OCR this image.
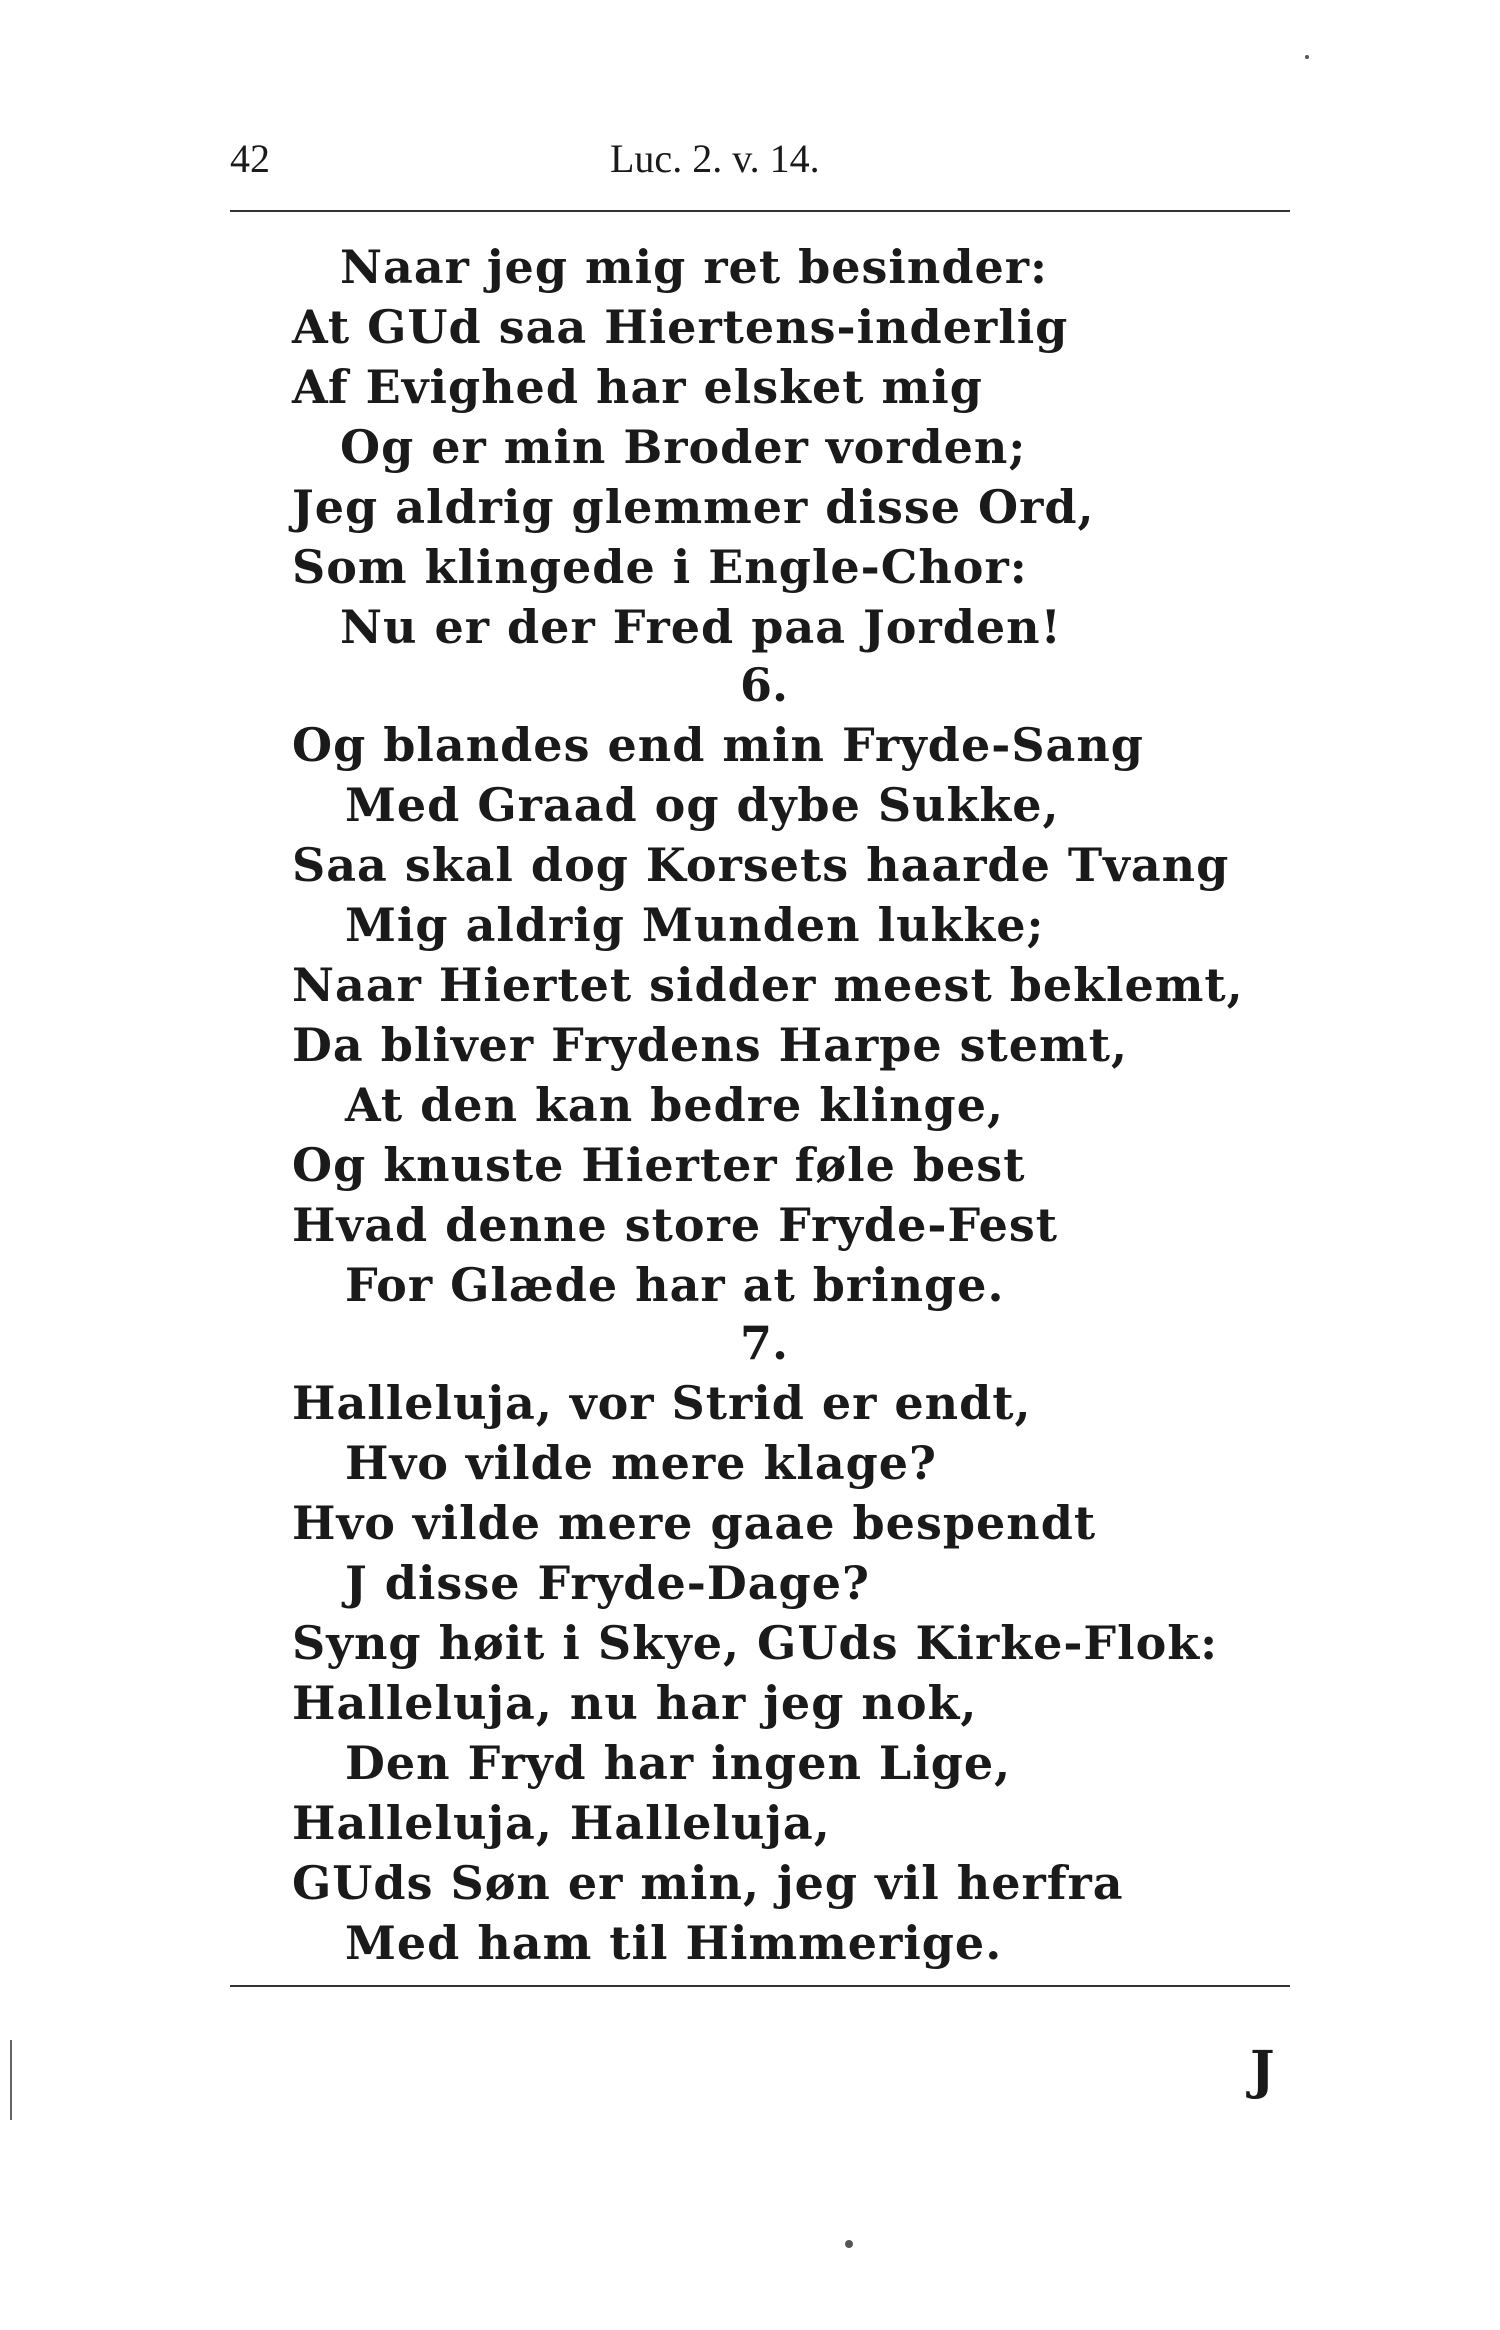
42	Luc. 2. v. 14.
Naar jeg mig ret besinder:
At GUd saa Hiertens-inderlig
Af Evighed har elsket mig
Og er min Broder vorden;
Jeg aldrig glemmer disse Ord,
Som klingede i Engle-Chor:
Nu er der Fred paa Jorden!
6.
Og blandes end min Fryde-Sang
Med Graad og dybe Sukke,
Saa skal dog Korsets haarde Tvang
Mig aldrig Munden lukke;
Naar Hiertet sidder meest beklemt,
Da bliver Frydens Harpe stemt,
At den kan bedre klinge,
Og knuste Hierter føle best
Hvad denne store Fryde-Fest
For Glæde har at bringe.
7.
Halleluja, vor Strid er endt,
Hvo vilde mere klage?
Hvo vilde mere gaae bespendt
J disse Fryde-Dage?
Syng høit i Skye, GUds Kirke-Flok:
Halleluja, nu har jeg nok,
Den Fryd har ingen Lige,
Halleluja, Halleluja,
GUds Søn er min, jeg vil herfra
Med ham til Himmerige.
J
